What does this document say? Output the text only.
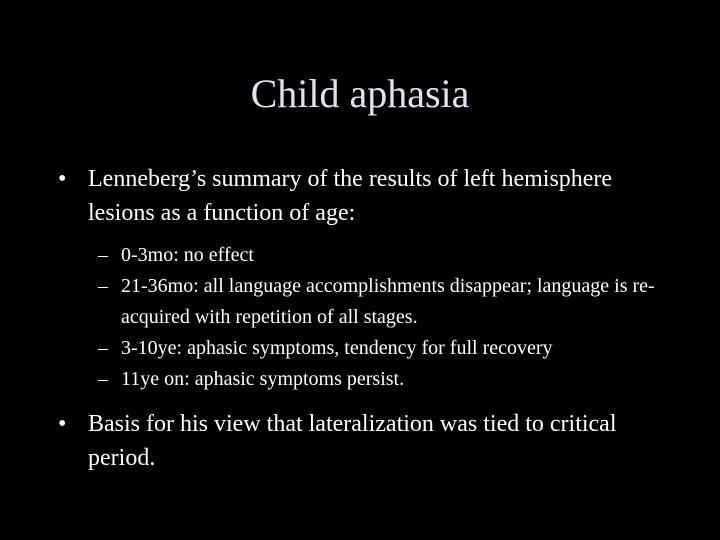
Child aphasia
• Lenneberg’s summary of the results of left hemisphere lesions as a function of age:
– 0-3mo: no effect
– 21-36mo: all language accomplishments disappear; language is re-acquired with repetition of all stages.
– 3-10ye: aphasic symptoms, tendency for full recovery
– 11ye on: aphasic symptoms persist.
• Basis for his view that lateralization was tied to critical period.
